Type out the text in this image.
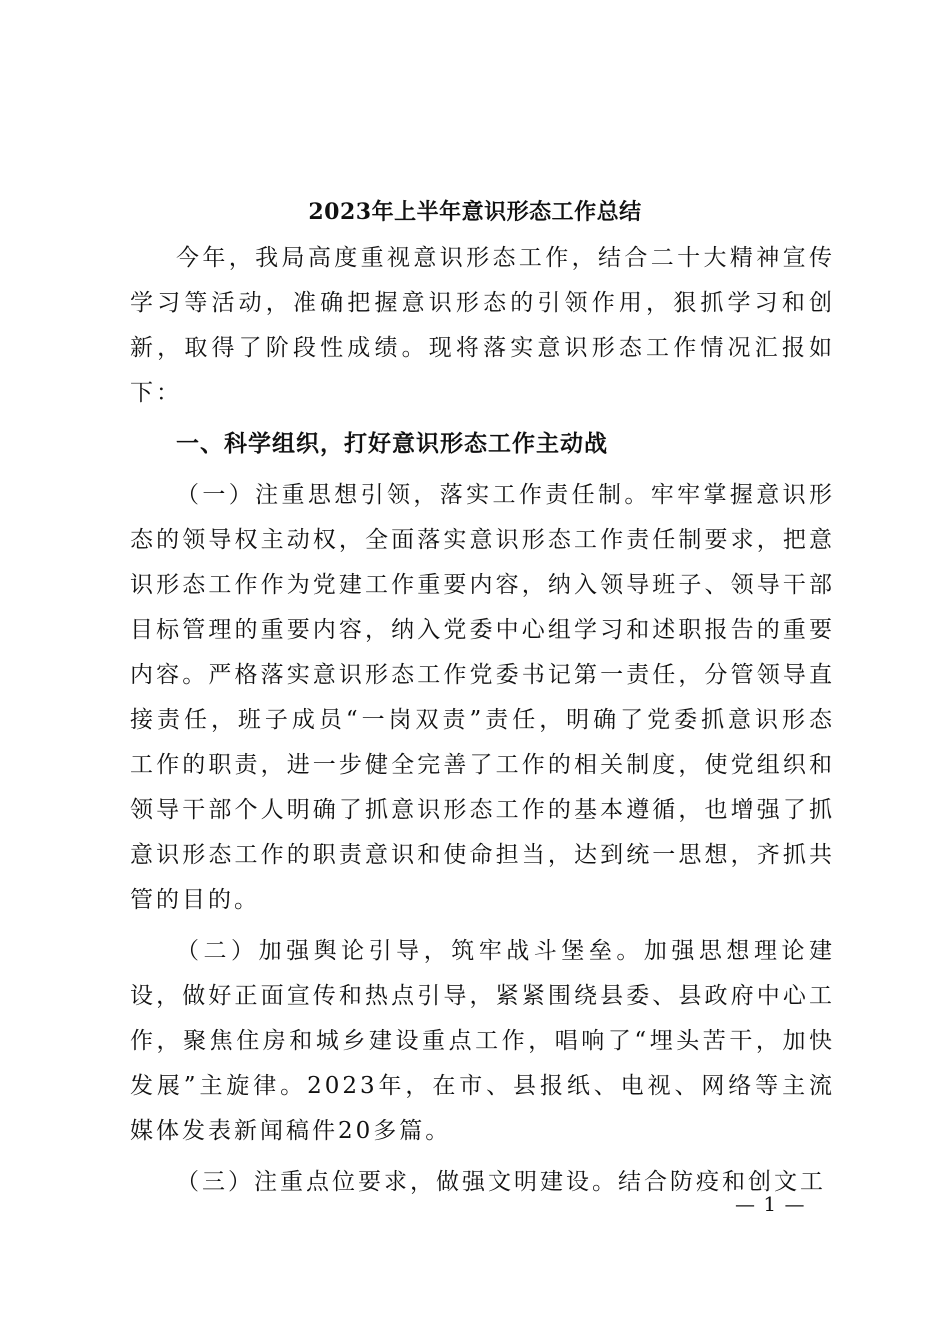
2023年上半年意识形态工作总结

今年，我局高度重视意识形态工作，结合二十大精神宣传学习等活动，准确把握意识形态的引领作用，狠抓学习和创新，取得了阶段性成绩。现将落实意识形态工作情况汇报如下：

一、科学组织，打好意识形态工作主动战

（一）注重思想引领，落实工作责任制。牢牢掌握意识形态的领导权主动权，全面落实意识形态工作责任制要求，把意识形态工作作为党建工作重要内容，纳入领导班子、领导干部目标管理的重要内容，纳入党委中心组学习和述职报告的重要内容。严格落实意识形态工作党委书记第一责任，分管领导直接责任，班子成员“一岗双责”责任，明确了党委抓意识形态工作的职责，进一步健全完善了工作的相关制度，使党组织和领导干部个人明确了抓意识形态工作的基本遵循，也增强了抓意识形态工作的职责意识和使命担当，达到统一思想，齐抓共管的目的。

（二）加强舆论引导，筑牢战斗堡垒。加强思想理论建设，做好正面宣传和热点引导，紧紧围绕县委、县政府中心工作，聚焦住房和城乡建设重点工作，唱响了“埋头苦干，加快发展”主旋律。2023年，在市、县报纸、电视、网络等主流媒体发表新闻稿件20多篇。

（三）注重点位要求，做强文明建设。结合防疫和创文工

— 1 —
